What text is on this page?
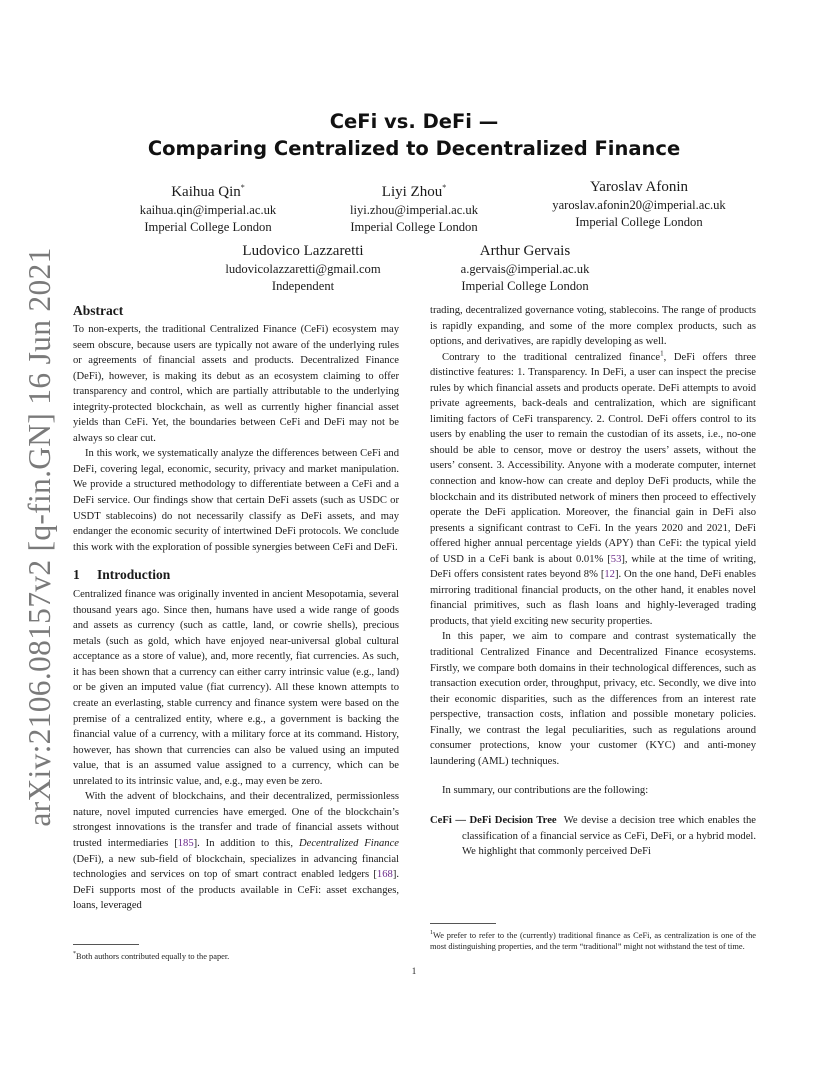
arXiv:2106.08157v2 [q-fin.GN] 16 Jun 2021
CeFi vs. DeFi —
Comparing Centralized to Decentralized Finance
Kaihua Qin*
kaihua.qin@imperial.ac.uk
Imperial College London
Liyi Zhou*
liyi.zhou@imperial.ac.uk
Imperial College London
Yaroslav Afonin
yaroslav.afonin20@imperial.ac.uk
Imperial College London
Ludovico Lazzaretti
ludovicolazzaretti@gmail.com
Independent
Arthur Gervais
a.gervais@imperial.ac.uk
Imperial College London
Abstract

To non-experts, the traditional Centralized Finance (CeFi) ecosystem may seem obscure, because users are typically not aware of the underlying rules or agreements of financial assets and products. Decentralized Finance (DeFi), however, is making its debut as an ecosystem claiming to offer transparency and control, which are partially attributable to the underlying integrity-protected blockchain, as well as currently higher financial asset yields than CeFi. Yet, the boundaries between CeFi and DeFi may not be always so clear cut.

In this work, we systematically analyze the differences between CeFi and DeFi, covering legal, economic, security, privacy and market manipulation. We provide a structured methodology to differentiate between a CeFi and a DeFi service. Our findings show that certain DeFi assets (such as USDC or USDT stablecoins) do not necessarily classify as DeFi assets, and may endanger the economic security of intertwined DeFi protocols. We conclude this work with the exploration of possible synergies between CeFi and DeFi.

1 Introduction

Centralized finance was originally invented in ancient Mesopotamia, several thousand years ago. Since then, humans have used a wide range of goods and assets as currency (such as cattle, land, or cowrie shells), precious metals (such as gold, which have enjoyed near-universal global cultural acceptance as a store of value), and, more recently, fiat currencies. As such, it has been shown that a currency can either carry intrinsic value (e.g., land) or be given an imputed value (fiat currency). All these known attempts to create an everlasting, stable currency and finance system were based on the premise of a centralized entity, where e.g., a government is backing the financial value of a currency, with a military force at its command. History, however, has shown that currencies can also be valued using an imputed value, that is an assumed value assigned to a currency, which can be unrelated to its intrinsic value, and, e.g., may even be zero.

With the advent of blockchains, and their decentralized, permissionless nature, novel imputed currencies have emerged. One of the blockchain’s strongest innovations is the transfer and trade of financial assets without trusted intermediaries [185]. In addition to this, Decentralized Finance (DeFi), a new sub-field of blockchain, specializes in advancing financial technologies and services on top of smart contract enabled ledgers [168]. DeFi supports most of the products available in CeFi: asset exchanges, loans, leveraged

*Both authors contributed equally to the paper.

trading, decentralized governance voting, stablecoins. The range of products is rapidly expanding, and some of the more complex products, such as options, and derivatives, are rapidly developing as well.

Contrary to the traditional centralized finance$^1$, DeFi offers three distinctive features: 1. Transparency. In DeFi, a user can inspect the precise rules by which financial assets and products operate. DeFi attempts to avoid private agreements, back-deals and centralization, which are significant limiting factors of CeFi transparency. 2. Control. DeFi offers control to its users by enabling the user to remain the custodian of its assets, i.e., no-one should be able to censor, move or destroy the users’ assets, without the users’ consent. 3. Accessibility. Anyone with a moderate computer, internet connection and know-how can create and deploy DeFi products, while the blockchain and its distributed network of miners then proceed to effectively operate the DeFi application. Moreover, the financial gain in DeFi also presents a significant contrast to CeFi. In the years 2020 and 2021, DeFi offered higher annual percentage yields (APY) than CeFi: the typical yield of USD in a CeFi bank is about 0.01% [53], while at the time of writing, DeFi offers consistent rates beyond 8% [12]. On the one hand, DeFi enables mirroring traditional financial products, on the other hand, it enables novel financial primitives, such as flash loans and highly-leveraged trading products, that yield exciting new security properties.

In this paper, we aim to compare and contrast systematically the traditional Centralized Finance and Decentralized Finance ecosystems. Firstly, we compare both domains in their technological differences, such as transaction execution order, throughput, privacy, etc. Secondly, we dive into their economic disparities, such as the differences from an interest rate perspective, transaction costs, inflation and possible monetary policies. Finally, we contrast the legal peculiarities, such as regulations around consumer protections, know your customer (KYC) and anti-money laundering (AML) techniques.

In summary, our contributions are the following:

CeFi — DeFi Decision Tree We devise a decision tree which enables the classification of a financial service as CeFi, DeFi, or a hybrid model. We highlight that commonly perceived DeFi

$^1$We prefer to refer to the (currently) traditional finance as CeFi, as centralization is one of the most distinguishing properties, and the term “traditional” might not withstand the test of time.
1
